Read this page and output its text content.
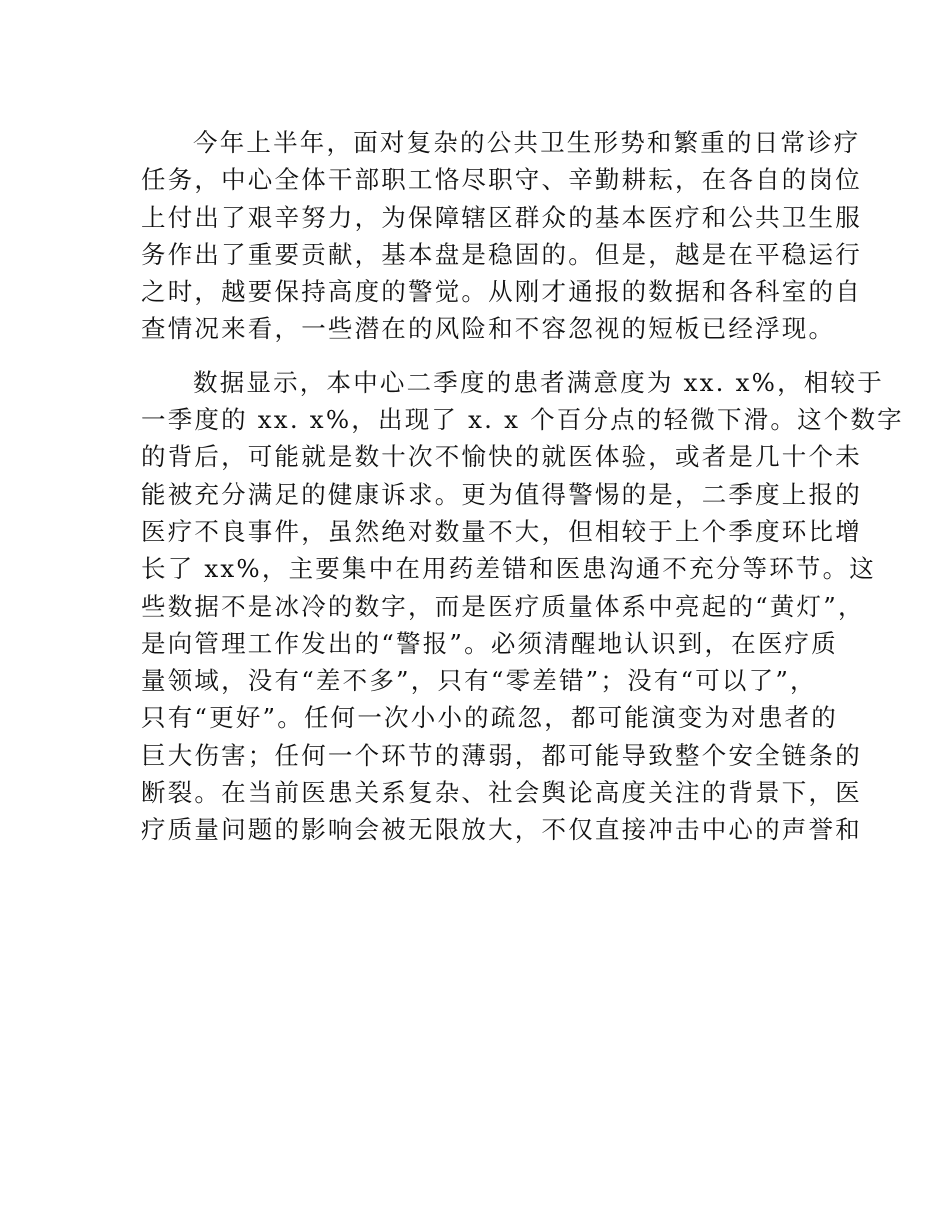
今年上半年，面对复杂的公共卫生形势和繁重的日常诊疗
任务，中心全体干部职工恪尽职守、辛勤耕耘，在各自的岗位
上付出了艰辛努力，为保障辖区群众的基本医疗和公共卫生服
务作出了重要贡献，基本盘是稳固的。但是，越是在平稳运行
之时，越要保持高度的警觉。从刚才通报的数据和各科室的自
查情况来看，一些潜在的风险和不容忽视的短板已经浮现。
数据显示，本中心二季度的患者满意度为 xx. x%，相较于
一季度的 xx. x%，出现了 x. x 个百分点的轻微下滑。这个数字
的背后，可能就是数十次不愉快的就医体验，或者是几十个未
能被充分满足的健康诉求。更为值得警惕的是，二季度上报的
医疗不良事件，虽然绝对数量不大，但相较于上个季度环比增
长了 xx%，主要集中在用药差错和医患沟通不充分等环节。这
些数据不是冰冷的数字，而是医疗质量体系中亮起的“黄灯”，
是向管理工作发出的“警报”。必须清醒地认识到，在医疗质
量领域，没有“差不多”，只有“零差错”；没有“可以了”，
只有“更好”。任何一次小小的疏忽，都可能演变为对患者的
巨大伤害；任何一个环节的薄弱，都可能导致整个安全链条的
断裂。在当前医患关系复杂、社会舆论高度关注的背景下，医
疗质量问题的影响会被无限放大，不仅直接冲击中心的声誉和
